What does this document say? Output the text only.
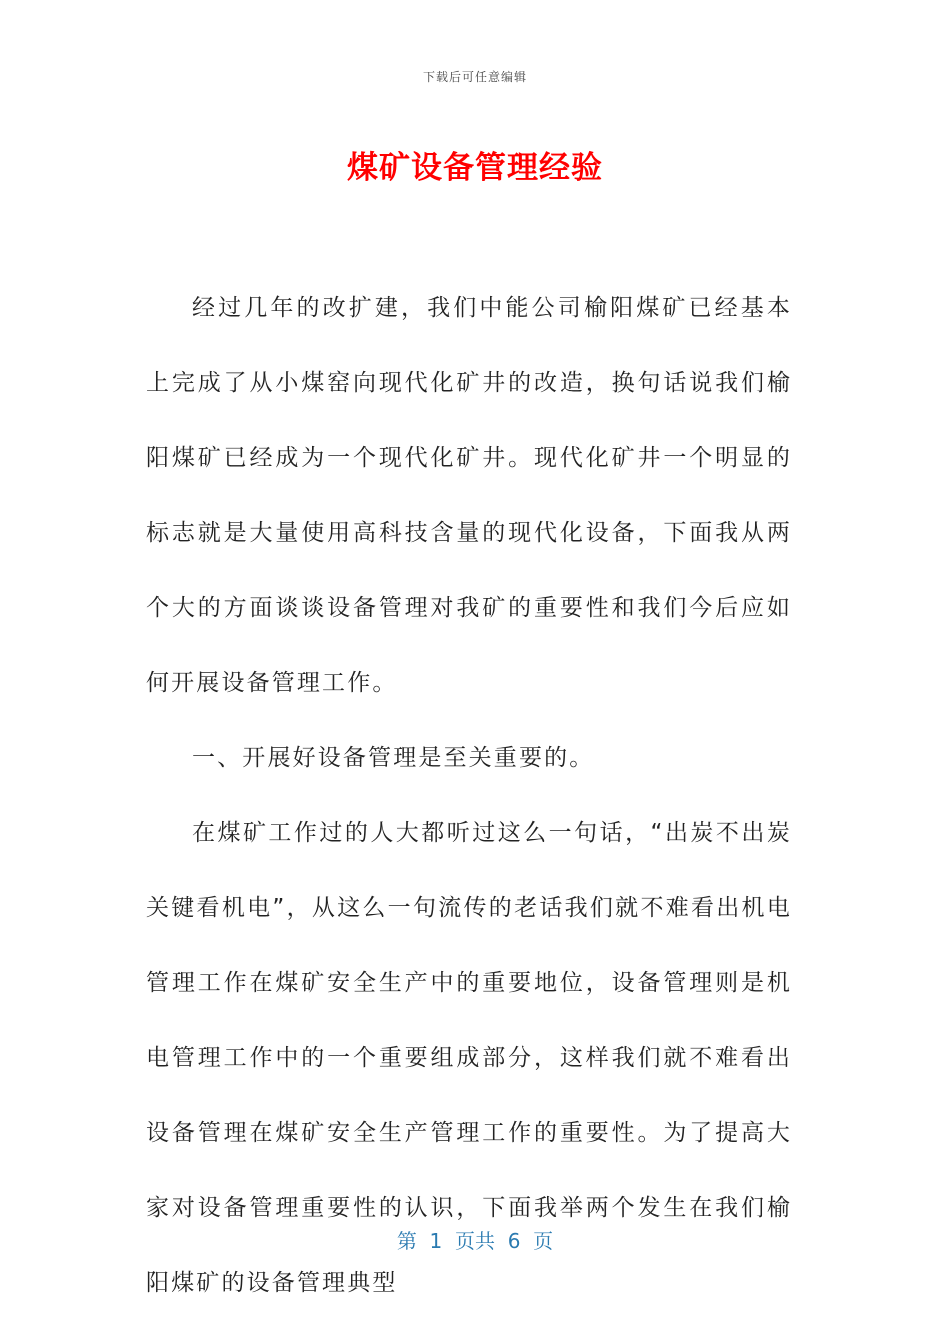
下载后可任意编辑
煤矿设备管理经验

经过几年的改扩建，我们中能公司榆阳煤矿已经基本上完成了从小煤窑向现代化矿井的改造，换句话说我们榆阳煤矿已经成为一个现代化矿井。现代化矿井一个明显的标志就是大量使用高科技含量的现代化设备，下面我从两个大的方面谈谈设备管理对我矿的重要性和我们今后应如何开展设备管理工作。

一、开展好设备管理是至关重要的。

在煤矿工作过的人大都听过这么一句话，“出炭不出炭关键看机电”，从这么一句流传的老话我们就不难看出机电管理工作在煤矿安全生产中的重要地位，设备管理则是机电管理工作中的一个重要组成部分，这样我们就不难看出设备管理在煤矿安全生产管理工作的重要性。为了提高大家对设备管理重要性的认识，下面我举两个发生在我们榆阳煤矿的设备管理典型

第  1  页共  6  页
